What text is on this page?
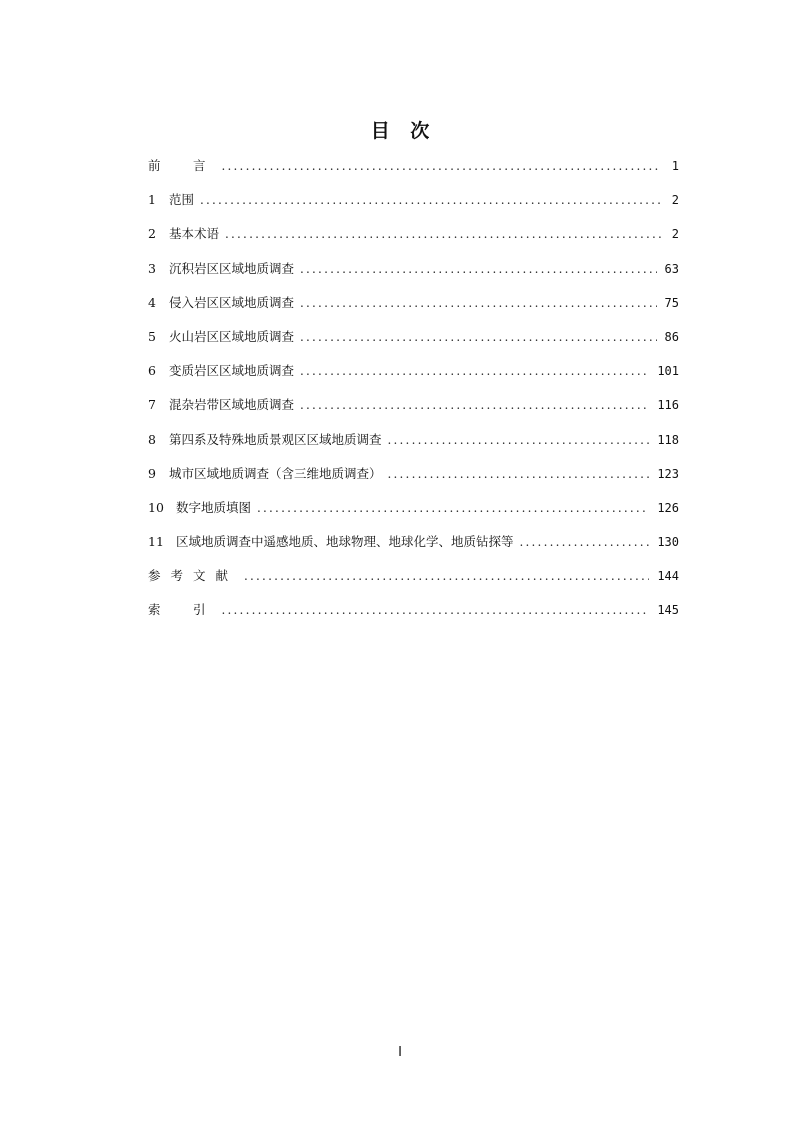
目 次
前　言 .....	1
1	范围 .....	2
2	基本术语 .....	2
3	沉积岩区区域地质调查 .....	63
4	侵入岩区区域地质调查 .....	75
5	火山岩区区域地质调查 .....	86
6	变质岩区区域地质调查 .....	101
7	混杂岩带区域地质调查 .....	116
8	第四系及特殊地质景观区区域地质调查 .....	118
9	城市区域地质调查（含三维地质调查） .....	123
10 数字地质填图 .....	126
11 区域地质调查中遥感地质、地球物理、地球化学、地质钻探等 .....	130
参考文献 .....	144
索　引 .....	145
I
